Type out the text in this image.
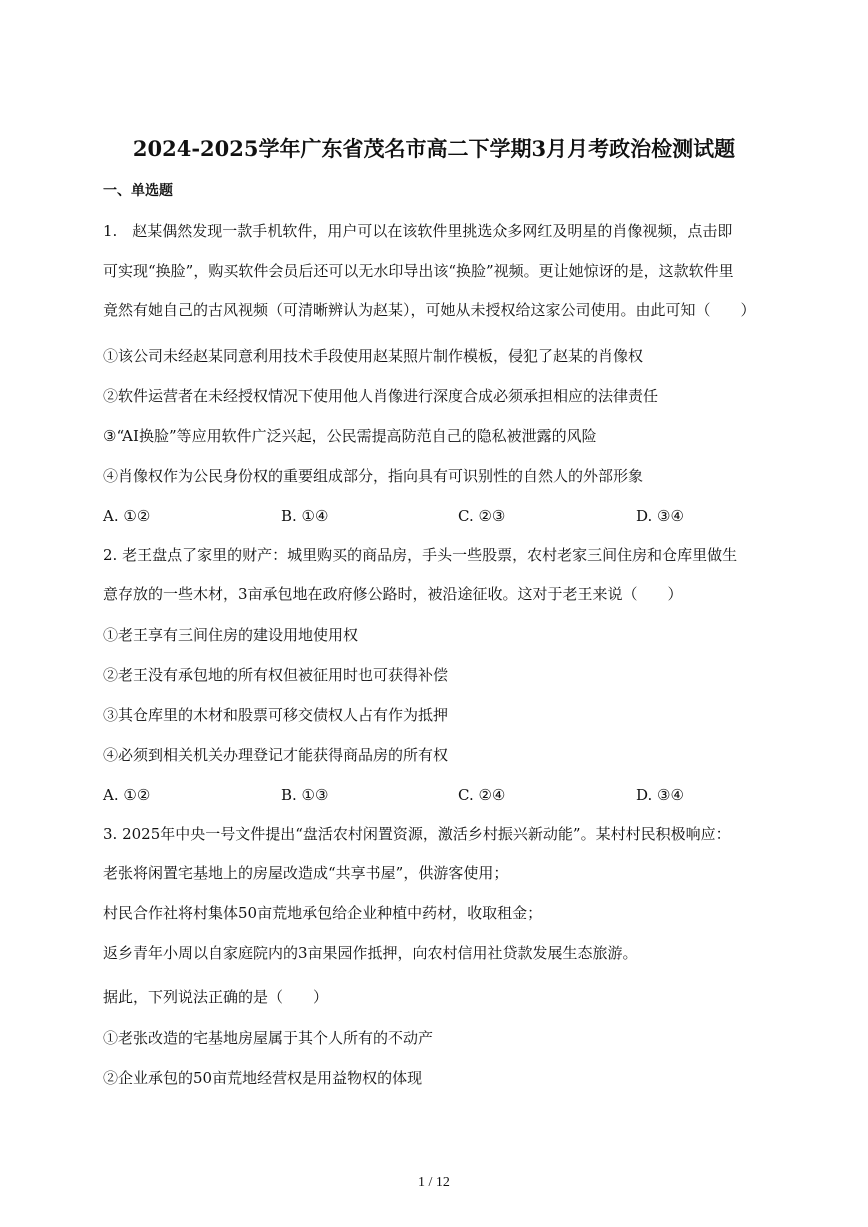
2024-2025学年广东省茂名市高二下学期3月月考政治检测试题
一、单选题
1.　赵某偶然发现一款手机软件，用户可以在该软件里挑选众多网红及明星的肖像视频，点击即
可实现“换脸”，购买软件会员后还可以无水印导出该“换脸”视频。更让她惊讶的是，这款软件里
竟然有她自己的古风视频（可清晰辨认为赵某），可她从未授权给这家公司使用。由此可知（　　）
①该公司未经赵某同意利用技术手段使用赵某照片制作模板，侵犯了赵某的肖像权
②软件运营者在未经授权情况下使用他人肖像进行深度合成必须承担相应的法律责任
③“AI换脸”等应用软件广泛兴起，公民需提高防范自己的隐私被泄露的风险
④肖像权作为公民身份权的重要组成部分，指向具有可识别性的自然人的外部形象
A. ①②	B. ①④	C. ②③	D. ③④
2. 老王盘点了家里的财产：城里购买的商品房，手头一些股票，农村老家三间住房和仓库里做生
意存放的一些木材，3亩承包地在政府修公路时，被沿途征收。这对于老王来说（　　）
①老王享有三间住房的建设用地使用权
②老王没有承包地的所有权但被征用时也可获得补偿
③其仓库里的木材和股票可移交债权人占有作为抵押
④必须到相关机关办理登记才能获得商品房的所有权
A. ①②	B. ①③	C. ②④	D. ③④
3. 2025年中央一号文件提出“盘活农村闲置资源，激活乡村振兴新动能”。某村村民积极响应：
老张将闲置宅基地上的房屋改造成“共享书屋”，供游客使用；
村民合作社将村集体50亩荒地承包给企业种植中药材，收取租金；
返乡青年小周以自家庭院内的3亩果园作抵押，向农村信用社贷款发展生态旅游。
据此，下列说法正确的是（　　）
①老张改造的宅基地房屋属于其个人所有的不动产
②企业承包的50亩荒地经营权是用益物权的体现
1 / 12
